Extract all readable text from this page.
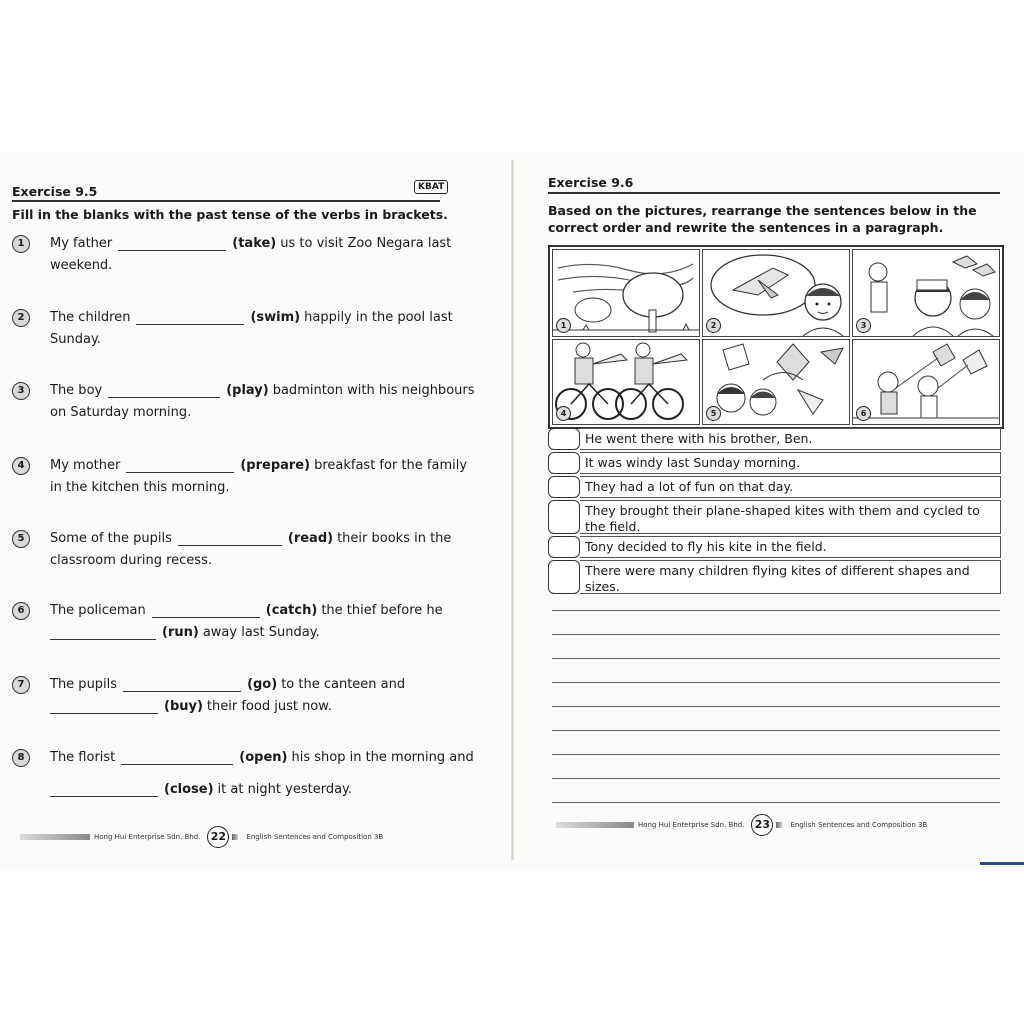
Exercise 9.5	KBAT
Fill in the blanks with the past tense of the verbs in brackets.
1	My father	(take) us to visit Zoo Negara last
weekend.
2	The children	(swim) happily in the pool last
Sunday.
3	The boy	(play) badminton with his neighbours
on Saturday morning.
4	My mother	(prepare) breakfast for the family
in the kitchen this morning.
5	Some of the pupils	(read) their books in the
classroom during recess.
6	The policeman	(catch) the thief before he
(run) away last Sunday.
7	The pupils	(go) to the canteen and
(buy) their food just now.
8	The florist	(open) his shop in the morning and
(close) it at night yesterday.
Hong Hui Enterprise Sdn. Bhd. 22	English Sentences and Composition 3B
Exercise 9.6
Based on the pictures, rearrange the sentences below in the
correct order and rewrite the sentences in a paragraph.
1	2	3
4	5	6
He went there with his brother, Ben.
It was windy last Sunday morning.
They had a lot of fun on that day.
They brought their plane-shaped kites with them and cycled to the field.
Tony decided to fly his kite in the field.
There were many children flying kites of different shapes and sizes.
Hong Hui Enterprise Sdn. Bhd. 23	English Sentences and Composition 3B
